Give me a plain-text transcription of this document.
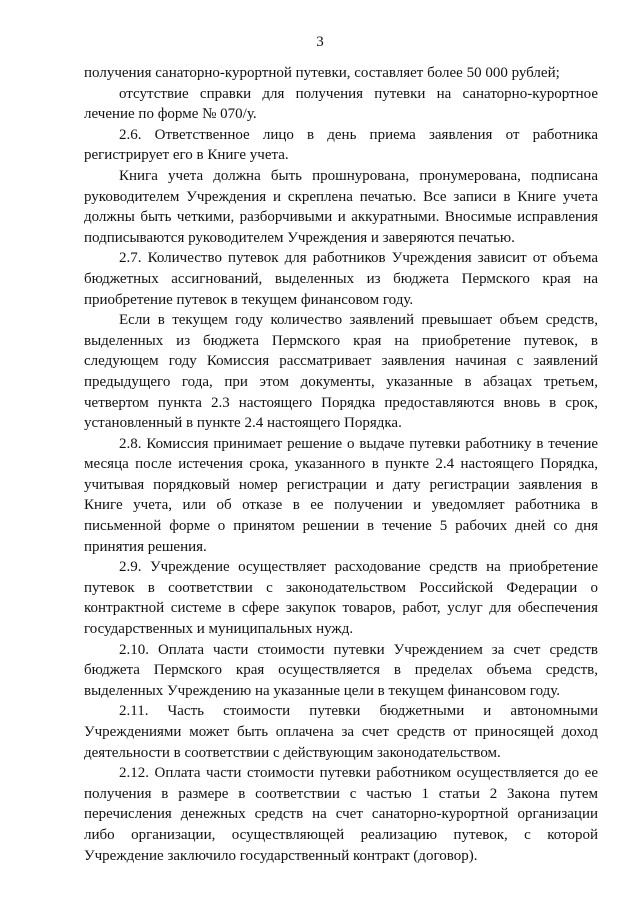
3

получения санаторно-курортной путевки, составляет более 50 000 рублей;

отсутствие справки для получения путевки на санаторно-курортное лечение по форме № 070/у.

2.6. Ответственное лицо в день приема заявления от работника регистрирует его в Книге учета.

Книга учета должна быть прошнурована, пронумерована, подписана руководителем Учреждения и скреплена печатью. Все записи в Книге учета должны быть четкими, разборчивыми и аккуратными. Вносимые исправления подписываются руководителем Учреждения и заверяются печатью.

2.7. Количество путевок для работников Учреждения зависит от объема бюджетных ассигнований, выделенных из бюджета Пермского края на приобретение путевок в текущем финансовом году.

Если в текущем году количество заявлений превышает объем средств, выделенных из бюджета Пермского края на приобретение путевок, в следующем году Комиссия рассматривает заявления начиная с заявлений предыдущего года, при этом документы, указанные в абзацах третьем, четвертом пункта 2.3 настоящего Порядка предоставляются вновь в срок, установленный в пункте 2.4 настоящего Порядка.

2.8. Комиссия принимает решение о выдаче путевки работнику в течение месяца после истечения срока, указанного в пункте 2.4 настоящего Порядка, учитывая порядковый номер регистрации и дату регистрации заявления в Книге учета, или об отказе в ее получении и уведомляет работника в письменной форме о принятом решении в течение 5 рабочих дней со дня принятия решения.

2.9. Учреждение осуществляет расходование средств на приобретение путевок в соответствии с законодательством Российской Федерации о контрактной системе в сфере закупок товаров, работ, услуг для обеспечения государственных и муниципальных нужд.

2.10. Оплата части стоимости путевки Учреждением за счет средств бюджета Пермского края осуществляется в пределах объема средств, выделенных Учреждению на указанные цели в текущем финансовом году.

2.11. Часть стоимости путевки бюджетными и автономными Учреждениями может быть оплачена за счет средств от приносящей доход деятельности в соответствии с действующим законодательством.

2.12. Оплата части стоимости путевки работником осуществляется до ее получения в размере в соответствии с частью 1 статьи 2 Закона путем перечисления денежных средств на счет санаторно-курортной организации либо организации, осуществляющей реализацию путевок, с которой Учреждение заключило государственный контракт (договор).
